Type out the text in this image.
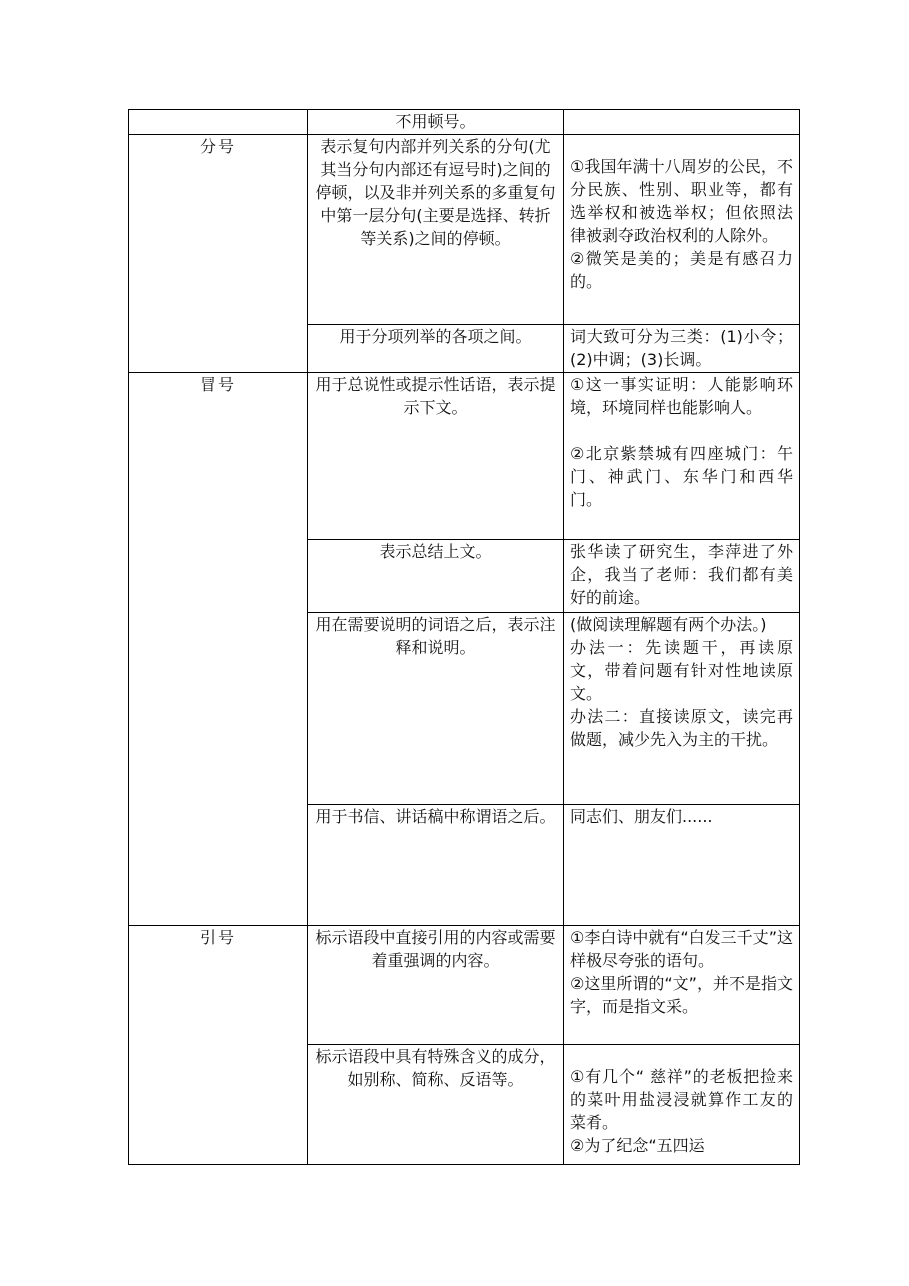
	不用顿号。	
分号	表示复句内部并列关系的分句(尤其当分句内部还有逗号时)之间的停顿，以及非并列关系的多重复句中第一层分句(主要是选择、转折等关系)之间的停顿。	①我国年满十八周岁的公民，不分民族、性别、职业等，都有选举权和被选举权；但依照法律被剥夺政治权利的人除外。
②微笑是美的；美是有感召力的。

	用于分项列举的各项之间。	词大致可分为三类：(1)小令；(2)中调；(3)长调。
冒号	用于总说性或提示性话语，表示提示下文。	①这一事实证明：人能影响环境，环境同样也能影响人。
②北京紫禁城有四座城门：午门、神武门、东华门和西华门。

	表示总结上文。	张华读了研究生，李萍进了外企，我当了老师：我们都有美好的前途。
	用在需要说明的词语之后，表示注释和说明。	(做阅读理解题有两个办法。)
办法一：先读题干，再读原文，带着问题有针对性地读原文。
办法二：直接读原文，读完再做题，减少先入为主的干扰。

	用于书信、讲话稿中称谓语之后。	同志们、朋友们......
引号	标示语段中直接引用的内容或需要着重强调的内容。	①李白诗中就有“白发三千丈”这样极尽夸张的语句。
②这里所谓的“文”，并不是指文字，而是指文采。

	标示语段中具有特殊含义的成分，如别称、简称、反语等。	①有几个“ 慈祥”的老板把捡来的菜叶用盐浸浸就算作工友的菜肴。
②为了纪念“五四运
